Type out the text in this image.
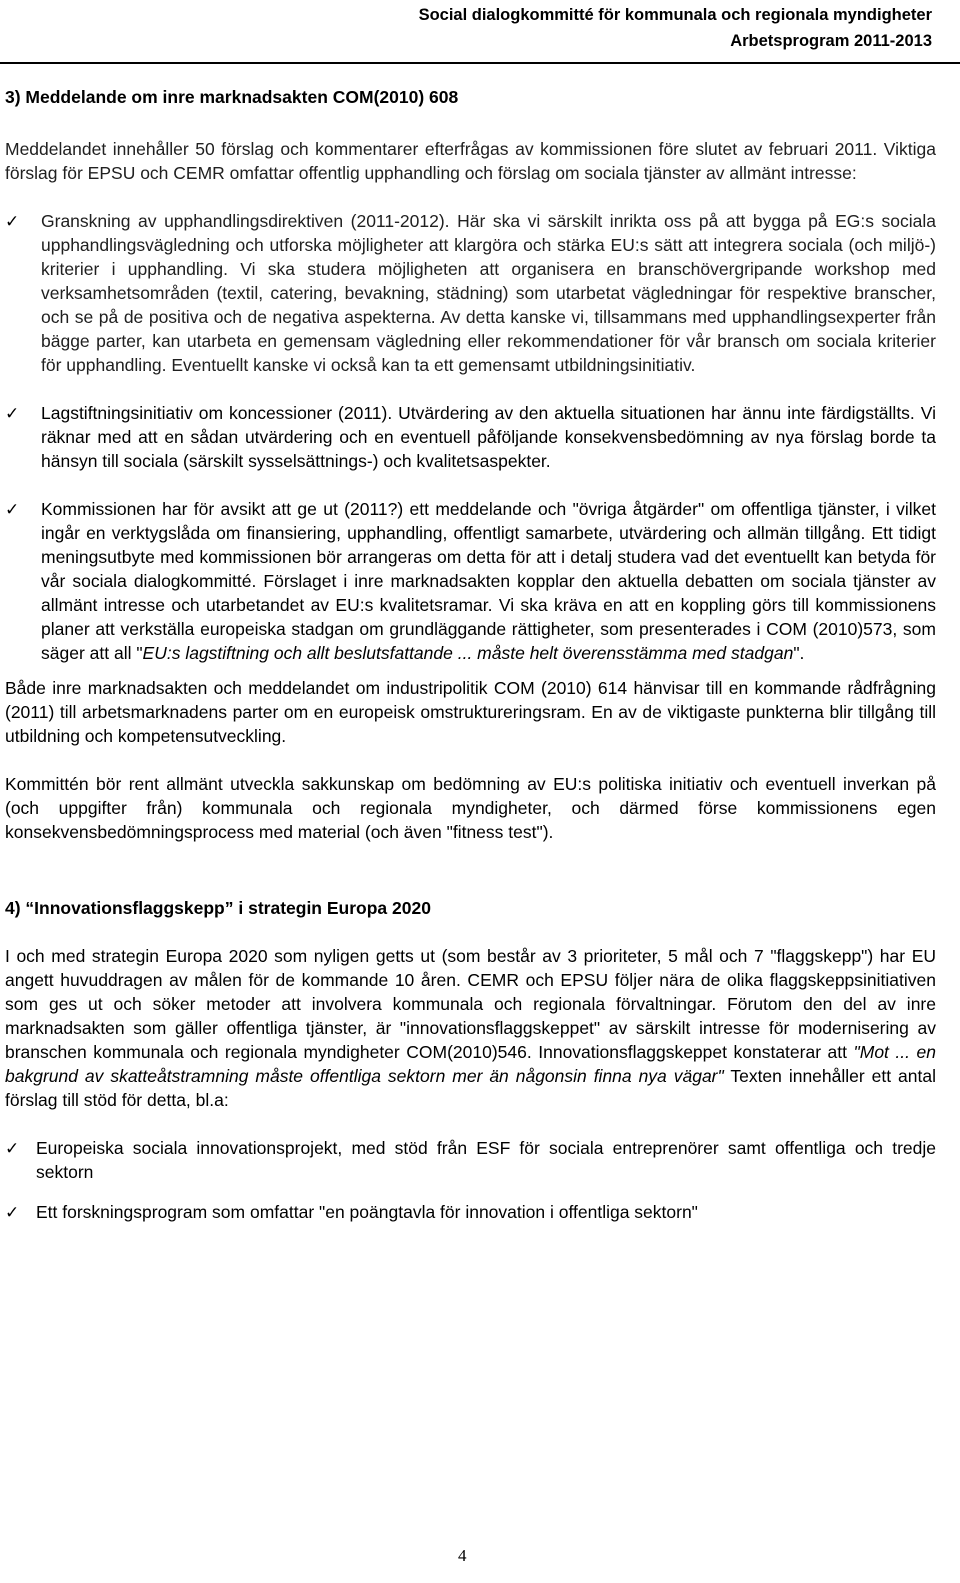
Social dialogkommitté för kommunala och regionala myndigheter
Arbetsprogram 2011-2013
3) Meddelande om inre marknadsakten COM(2010) 608

Meddelandet innehåller 50 förslag och kommentarer efterfrågas av kommissionen före slutet av februari 2011. Viktiga förslag för EPSU och CEMR omfattar offentlig upphandling och förslag om sociala tjänster av allmänt intresse:

✓ Granskning av upphandlingsdirektiven (2011-2012). Här ska vi särskilt inrikta oss på att bygga på EG:s sociala upphandlingsvägledning och utforska möjligheter att klargöra och stärka EU:s sätt att integrera sociala (och miljö-) kriterier i upphandling. Vi ska studera möjligheten att organisera en branschövergripande workshop med verksamhetsområden (textil, catering, bevakning, städning) som utarbetat vägledningar för respektive branscher, och se på de positiva och de negativa aspekterna. Av detta kanske vi, tillsammans med upphandlingsexperter från bägge parter, kan utarbeta en gemensam vägledning eller rekommendationer för vår bransch om sociala kriterier för upphandling. Eventuellt kanske vi också kan ta ett gemensamt utbildningsinitiativ.
✓ Lagstiftningsinitiativ om koncessioner (2011). Utvärdering av den aktuella situationen har ännu inte färdigställts. Vi räknar med att en sådan utvärdering och en eventuell påföljande konsekvensbedömning av nya förslag borde ta hänsyn till sociala (särskilt sysselsättnings-) och kvalitetsaspekter.
✓ Kommissionen har för avsikt att ge ut (2011?) ett meddelande och "övriga åtgärder" om offentliga tjänster, i vilket ingår en verktygslåda om finansiering, upphandling, offentligt samarbete, utvärdering och allmän tillgång. Ett tidigt meningsutbyte med kommissionen bör arrangeras om detta för att i detalj studera vad det eventuellt kan betyda för vår sociala dialogkommitté. Förslaget i inre marknadsakten kopplar den aktuella debatten om sociala tjänster av allmänt intresse och utarbetandet av EU:s kvalitetsramar. Vi ska kräva en att en koppling görs till kommissionens planer att verkställa europeiska stadgan om grundläggande rättigheter, som presenterades i COM (2010)573, som säger att all "EU:s lagstiftning och allt beslutsfattande ... måste helt överensstämma med stadgan".

Både inre marknadsakten och meddelandet om industripolitik COM (2010) 614 hänvisar till en kommande rådfrågning (2011) till arbetsmarknadens parter om en europeisk omstruktureringsram. En av de viktigaste punkterna blir tillgång till utbildning och kompetensutveckling.

Kommittén bör rent allmänt utveckla sakkunskap om bedömning av EU:s politiska initiativ och eventuell inverkan på (och uppgifter från) kommunala och regionala myndigheter, och därmed förse kommissionens egen konsekvensbedömningsprocess med material (och även "fitness test").

4) “Innovationsflaggskepp” i strategin Europa 2020

I och med strategin Europa 2020 som nyligen getts ut (som består av 3 prioriteter, 5 mål och 7 "flaggskepp") har EU angett huvuddragen av målen för de kommande 10 åren. CEMR och EPSU följer nära de olika flaggskeppsinitiativen som ges ut och söker metoder att involvera kommunala och regionala förvaltningar. Förutom den del av inre marknadsakten som gäller offentliga tjänster, är "innovationsflaggskeppet" av särskilt intresse för modernisering av branschen kommunala och regionala myndigheter COM(2010)546. Innovationsflaggskeppet konstaterar att "Mot ... en bakgrund av skatteåtstramning måste offentliga sektorn mer än någonsin finna nya vägar" Texten innehåller ett antal förslag till stöd för detta, bl.a:

✓ Europeiska sociala innovationsprojekt, med stöd från ESF för sociala entreprenörer samt offentliga och tredje sektorn
✓ Ett forskningsprogram som omfattar "en poängtavla för innovation i offentliga sektorn"
4
